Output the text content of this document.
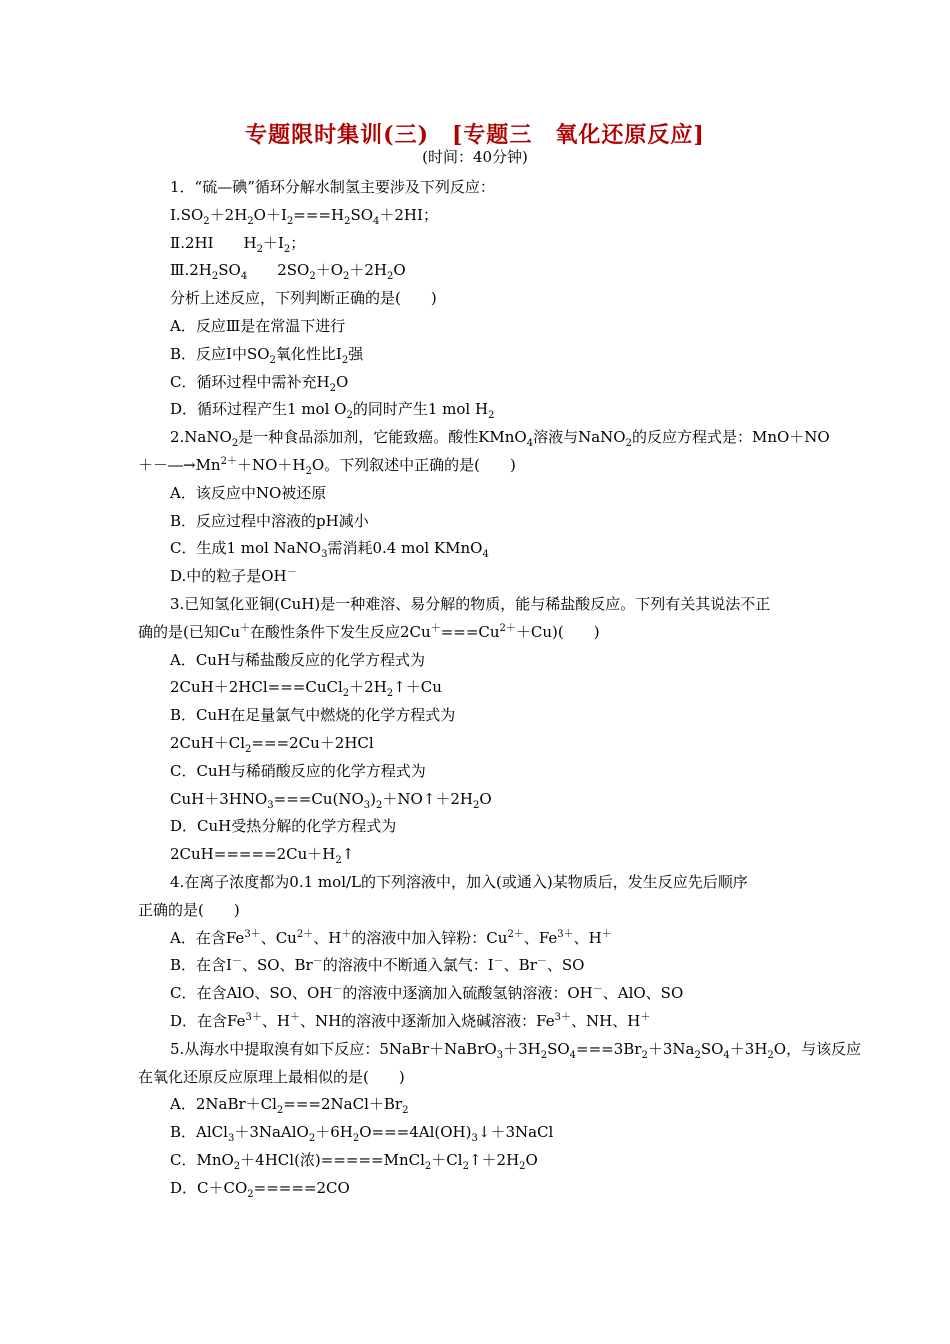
专题限时集训(三)　[专题三　氧化还原反应]
(时间：40分钟)
1．“硫—碘”循环分解水制氢主要涉及下列反应：
$Ⅰ.SO_2+2H_2O+I_2===H_2SO_4+2HI$；
Ⅱ.2HI　　$H_2+I_2$；
$Ⅲ.2H_2SO_4$　　$2SO_2+O_2+2H_2O$
分析上述反应，下列判断正确的是(　　)
A．反应Ⅲ是在常温下进行
B．反应Ⅰ中$SO_2$氧化性比$I_2$强
C．循环过程中需补充$H_2O$
D．循环过程产生1 mol $O_2$的同时产生1 mol $H_2$
2.NaNO$_2$是一种食品添加剂，它能致癌。酸性KMnO$_4$溶液与NaNO$_2$的反应方程式是：MnO＋NO
$+-―\to Mn^{2+}+NO+H_2O$。下列叙述中正确的是(　　)
A．该反应中NO被还原
B．反应过程中溶液的pH减小
C．生成1 mol NaNO$_3$需消耗0.4 mol KMnO$_4$
D.中的粒子是OH－
3.已知氢化亚铜(CuH)是一种难溶、易分解的物质，能与稀盐酸反应。下列有关其说法不正
确的是(已知Cu＋在酸性条件下发生反应$2Cu^+===Cu^{2+}+Cu$)(　　)
A．CuH与稀盐酸反应的化学方程式为
$2CuH+2HCl===CuCl_2+2H_2↑+Cu$
B．CuH在足量氯气中燃烧的化学方程式为
$2CuH+Cl_2===2Cu+2HCl$
C．CuH与稀硝酸反应的化学方程式为
$CuH+3HNO_3===Cu(NO_3)_2+NO↑+2H_2O$
D．CuH受热分解的化学方程式为
$2CuH=====2Cu+H_2↑$
4.在离子浓度都为0.1 mol/L的下列溶液中，加入(或通入)某物质后，发生反应先后顺序
正确的是(　　)
A．在含$Fe^{3+}$、$Cu^{2+}$、H＋的溶液中加入锌粉：$Cu^{2+}$、$Fe^{3+}$、H＋
B．在含I－、SO、Br－的溶液中不断通入氯气：I－、Br－、SO
C．在含AlO、SO、OH－的溶液中逐滴加入硫酸氢钠溶液：OH－、AlO、SO
D．在含$Fe^{3+}$、H＋、NH的溶液中逐渐加入烧碱溶液：$Fe^{3+}$、NH、H＋
5.从海水中提取溴有如下反应：$5NaBr+NaBrO_3+3H_2SO_4===3Br_2+3Na_2SO_4+3H_2O$，与该反应
在氧化还原反应原理上最相似的是(　　)
A．$2NaBr+Cl_2===2NaCl+Br_2$
B．$AlCl_3+3NaAlO_2+6H_2O===4Al(OH)_3↓+3NaCl$
C．MnO$_2$＋4HCl(浓)$=====MnCl_2+Cl_2↑+2H_2O$
D．$C+CO_2=====2CO$
